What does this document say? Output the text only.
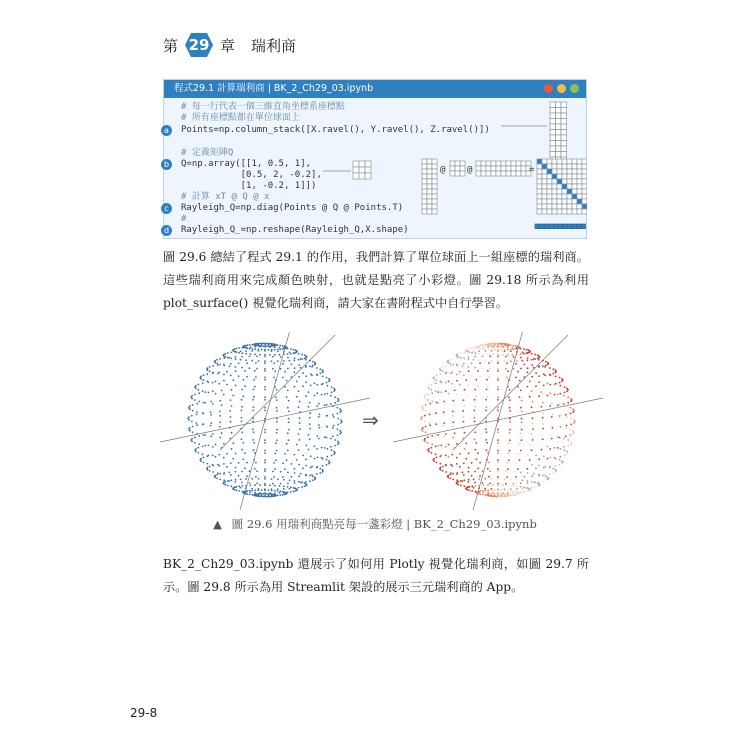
第 29 章 瑞利商
程式29.1 計算瑞利商 | BK_2_Ch29_03.ipynb
# 每一行代表一個三維直角坐標系座標點
# 所有座標點都在單位球面上
Points=np.column_stack([X.ravel(), Y.ravel(), Z.ravel()])
a
# 定義矩陣Q
Q=np.array([[1, 0.5, 1],
b
[0.5, 2, -0.2],
[1, -0.2, 1]])
# 計算 xT @ Q @ x
Rayleigh_Q=np.diag(Points @ Q @ Points.T)
c
#
Rayleigh_Q_=np.reshape(Rayleigh_Q,X.shape)
d
@ @	=
圖 29.6 總結了程式 29.1 的作用，我們計算了單位球面上一組座標的瑞利商。這些瑞利商用來完成顏色映射，也就是點亮了小彩燈。圖 29.18 所示為利用 plot_surface() 視覺化瑞利商，請大家在書附程式中自行學習。
⇒
▲ 圖 29.6 用瑞利商點亮每一盞彩燈 | BK_2_Ch29_03.ipynb
BK_2_Ch29_03.ipynb 還展示了如何用 Plotly 視覺化瑞利商，如圖 29.7 所示。圖 29.8 所示為用 Streamlit 架設的展示三元瑞利商的 App。
29-8
